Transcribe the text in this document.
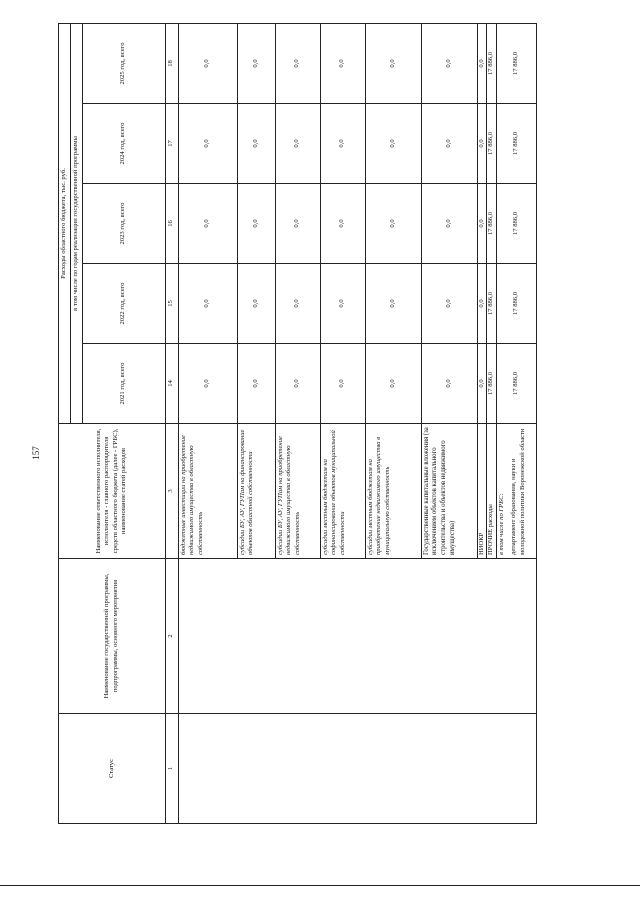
157
Статус	Наименование государственной программы, подпрограммы, основного мероприятия	Наименование ответственного исполнителя, исполнителя - главного распорядителя средств областного бюджета (далее - ГРБС), наименование статей расходов	Расходы областного бюджета, тыс. руб.				
			в том числе по годам реализации государственной программы				
			2021 год, всего	2022 год, всего	2023 год, всего	2024 год, всего	2025 год, всего
1	2	3	14	15	16	17	18
		бюджетные инвестиции на приобретение недвижимого имущества в областную собственность	0,0	0,0	0,0	0,0	0,0
		субсидии БУ, АУ, ГУПам на финансирование объектов областной собственности	0,0	0,0	0,0	0,0	0,0
		субсидии БУ, АУ, ГУПам на приобретение недвижимого имущества в областную собственность	0,0	0,0	0,0	0,0	0,0
		субсидии местным бюджетам на софинансирование объектов муниципальной собственности	0,0	0,0	0,0	0,0	0,0
		субсидии местным бюджетам на приобретение недвижимого имущества в муниципальную собственность	0,0	0,0	0,0	0,0	0,0
		Государственные капитальные вложения (за исключением объектов капитального строительства и объектов недвижимого имущества)	0,0	0,0	0,0	0,0	0,0
		НИОКР	0,0	0,0	0,0	0,0	0,0
		ПРОЧИЕ расходы	17 886,0	17 886,0	17 886,0	17 886,0	17 886,0

		в том числе по ГРБС: департамент образования, науки и молодежной политики Воронежской области	17 886,0	17 886,0	17 886,0	17 886,0	17 886,0
